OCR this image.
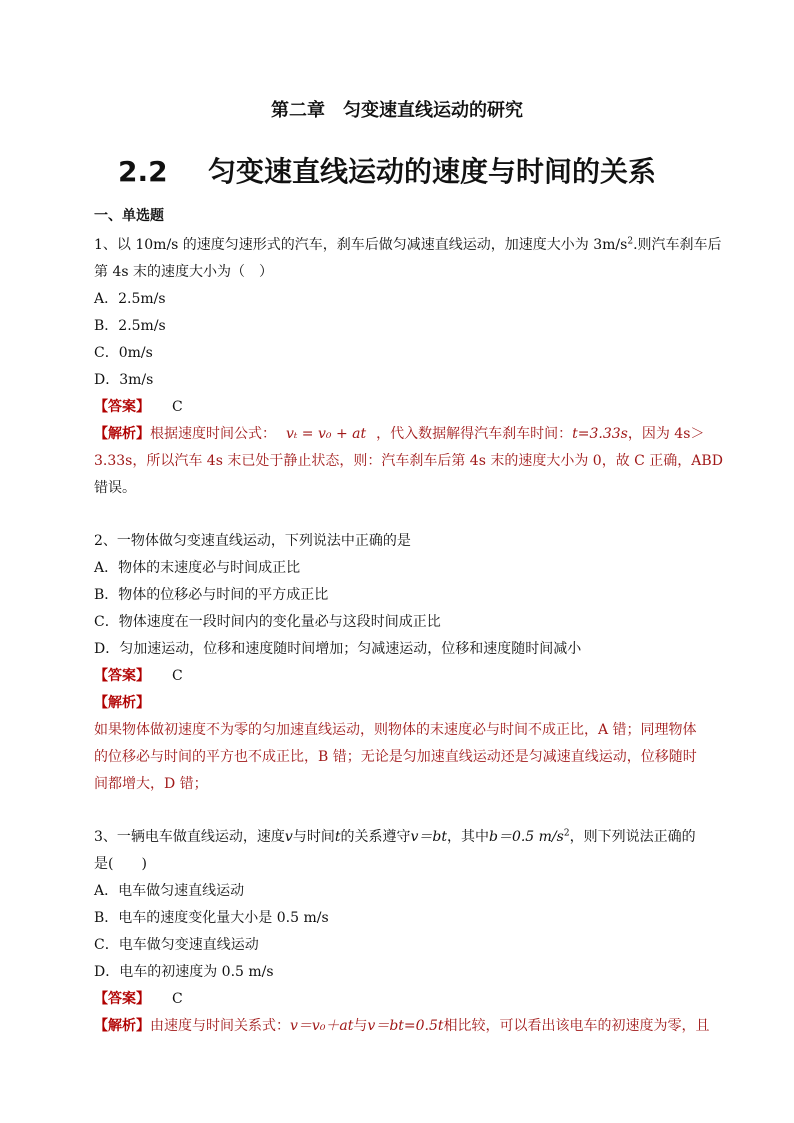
第二章 匀变速直线运动的研究
2.2 匀变速直线运动的速度与时间的关系
一、单选题
1、以 10m/s 的速度匀速形式的汽车，刹车后做匀减速直线运动，加速度大小为 $3m/s^2$.则汽车刹车后
第 4s 末的速度大小为（　）
A．2.5m/s
B．2.5m/s
C．0m/s
D．3m/s
【答案】 C
【解析】根据速度时间公式： vₜ = v₀ + at ，代入数据解得汽车刹车时间：t=3.33s，因为 4s＞
3.33s，所以汽车 4s 末已处于静止状态，则：汽车刹车后第 4s 末的速度大小为 0，故 C 正确，ABD
错误。
2、一物体做匀变速直线运动，下列说法中正确的是
A．物体的末速度必与时间成正比
B．物体的位移必与时间的平方成正比
C．物体速度在一段时间内的变化量必与这段时间成正比
D．匀加速运动，位移和速度随时间增加；匀减速运动，位移和速度随时间减小
【答案】 C
【解析】
如果物体做初速度不为零的匀加速直线运动，则物体的末速度必与时间不成正比，A 错；同理物体
的位移必与时间的平方也不成正比，B 错；无论是匀加速直线运动还是匀减速直线运动，位移随时
间都增大，D 错；
3、一辆电车做直线运动，速度v与时间t的关系遵守v＝bt，其中b＝0.5 $m/s^2$，则下列说法正确的
是(　　)
A．电车做匀速直线运动
B．电车的速度变化量大小是 0.5 m/s
C．电车做匀变速直线运动
D．电车的初速度为 0.5 m/s
【答案】 C
【解析】由速度与时间关系式：v＝v₀＋at与v＝bt=0.5t相比较，可以看出该电车的初速度为零，且
